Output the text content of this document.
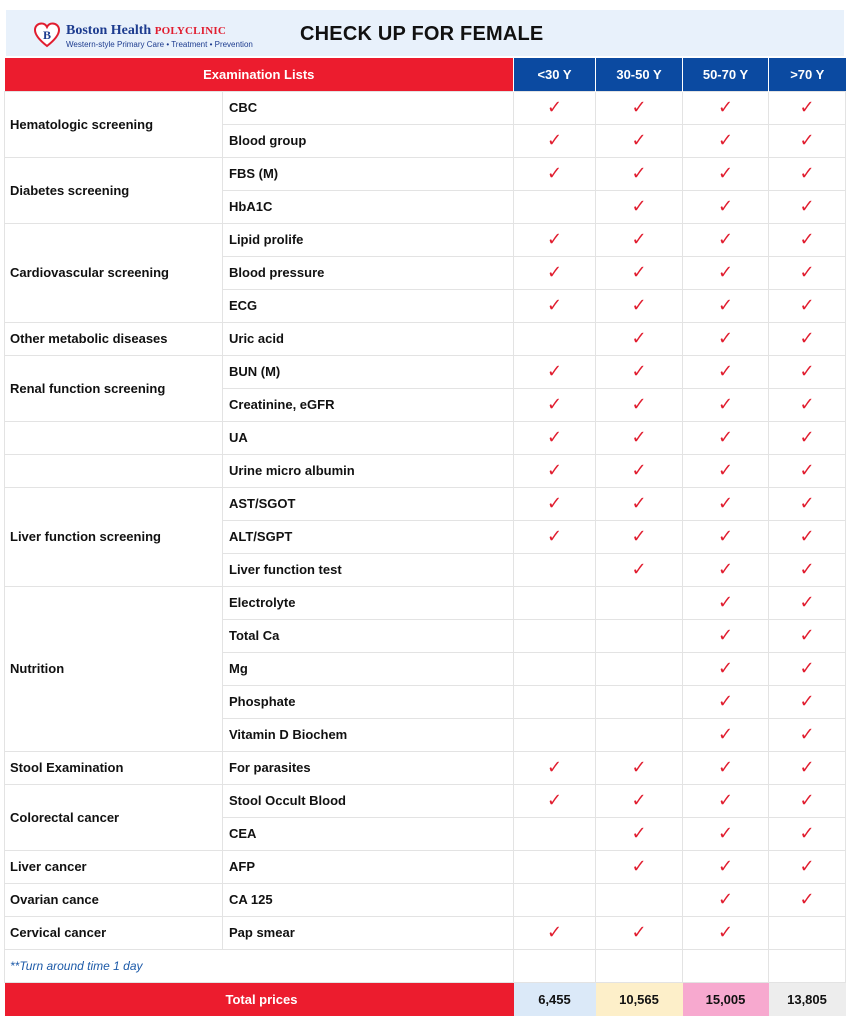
B Boston Health POLYCLINIC
Western-style Primary Care • Treatment • Prevention CHECK UP FOR FEMALE
Examination Lists		<30 Y	30-50 Y	50-70 Y	>70 Y
Hematologic screening	CBC	✓	✓	✓	✓
	Blood group	✓	✓	✓	✓
Diabetes screening	FBS (M)	✓	✓	✓	✓
	HbA1C		✓	✓	✓
Cardiovascular screening	Lipid prolife	✓	✓	✓	✓
	Blood pressure	✓	✓	✓	✓
	ECG	✓	✓	✓	✓
Other metabolic diseases	Uric acid		✓	✓	✓
Renal function screening	BUN (M)	✓	✓	✓	✓
	Creatinine, eGFR	✓	✓	✓	✓
	UA	✓	✓	✓	✓
	Urine micro albumin	✓	✓	✓	✓
Liver function screening	AST/SGOT	✓	✓	✓	✓
	ALT/SGPT	✓	✓	✓	✓
	Liver function test		✓	✓	✓
Nutrition	Electrolyte			✓	✓
	Total Ca			✓	✓
	Mg			✓	✓
	Phosphate			✓	✓
	Vitamin D Biochem			✓	✓
Stool Examination	For parasites	✓	✓	✓	✓
Colorectal cancer	Stool Occult Blood	✓	✓	✓	✓
	CEA		✓	✓	✓
Liver cancer	AFP		✓	✓	✓
Ovarian cance	CA 125			✓	✓
Cervical cancer	Pap smear	✓	✓	✓	
**Turn around time 1 day					
Total prices		6,455	10,565	15,005	13,805
